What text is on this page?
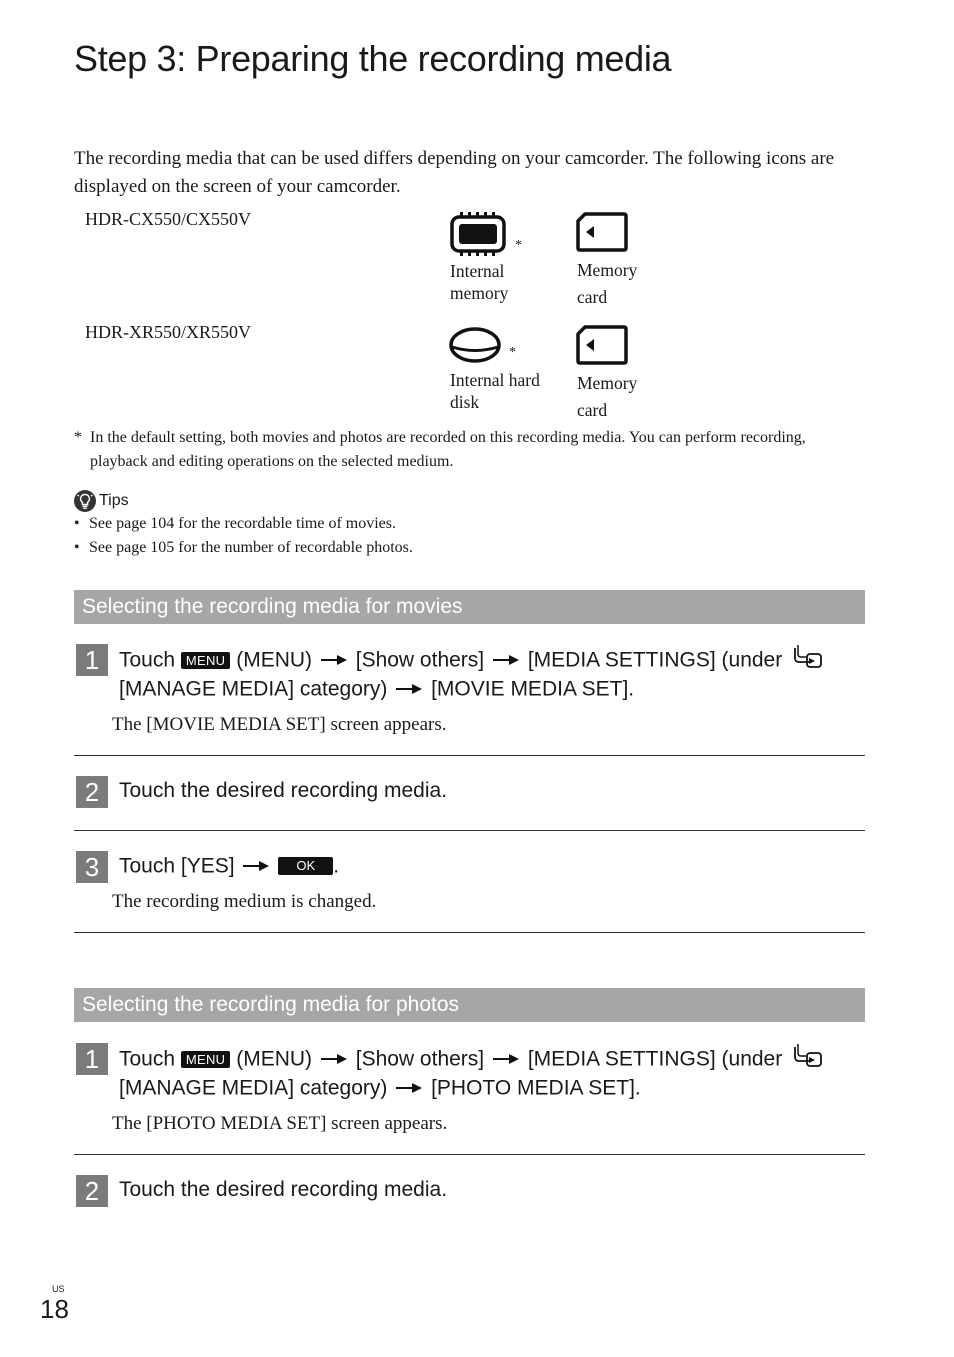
Step 3: Preparing the recording media

The recording media that can be used differs depending on your camcorder. The following icons are displayed on the screen of your camcorder.

HDR-CX550/CX550V
*
Internal memory
Memory card
HDR-XR550/XR550V
*
Internal hard disk
Memory card
* In the default setting, both movies and photos are recorded on this recording media. You can perform recording, playback and editing operations on the selected medium.
Tips
• See page 104 for the recordable time of movies.
• See page 105 for the number of recordable photos.
Selecting the recording media for movies
1 Touch MENU (MENU) [Show others] [MEDIA SETTINGS] (under
[MANAGE MEDIA] category) [MOVIE MEDIA SET].
The [MOVIE MEDIA SET] screen appears.
2 Touch the desired recording media.
3 Touch [YES]	OK .
The recording medium is changed.
Selecting the recording media for photos
1 Touch MENU (MENU) [Show others] [MEDIA SETTINGS] (under
[MANAGE MEDIA] category) [PHOTO MEDIA SET].
The [PHOTO MEDIA SET] screen appears.
2 Touch the desired recording media.
US
18
